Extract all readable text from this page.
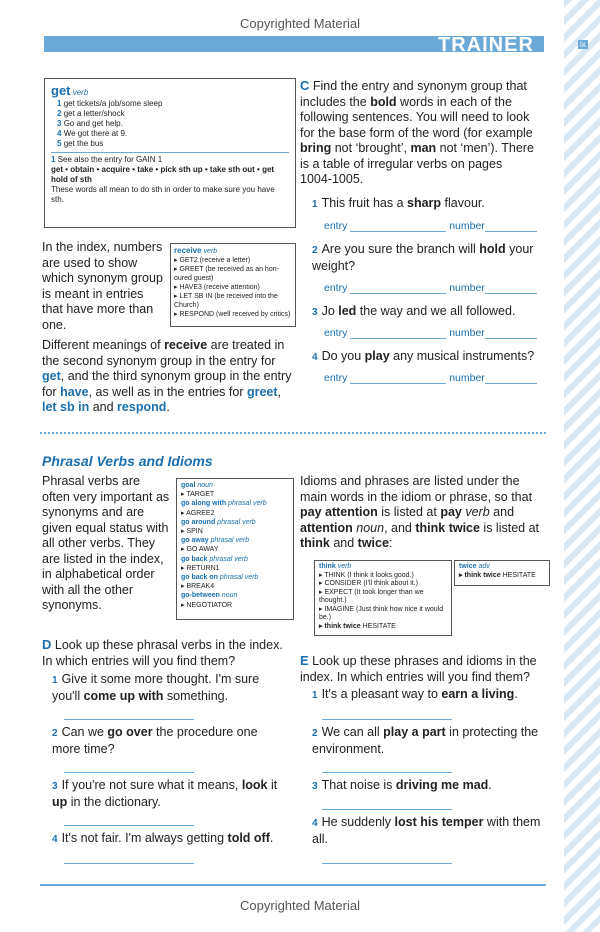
Copyrighted Material
TRAINER	ix
get verb
1 get tickets/a job/some sleep
2 get a letter/shock
3 Go and get help.
4 We got there at 9.
5 get the bus
1 See also the entry for GAIN 1
get • obtain • acquire • take • pick sth up • take sth out • get hold of sth
These words all mean to do sth in order to make sure you have sth.
In the index, numbers are used to show which synonym group is meant in entries that have more than one.
receive verb
▸ GET2 (receive a letter)
▸ GREET (be received as an hon-oured guest)
▸ HAVE3 (receive attention)
▸ LET SB IN (be received into the Church)
▸ RESPOND (well received by critics)
Different meanings of receive are treated in the second synonym group in the entry for get, and the third synonym group in the entry for have, as well as in the entries for greet, let sb in and respond.
C Find the entry and synonym group that includes the bold words in each of the following sentences. You will need to look for the base form of the word (for example bring not ‘brought’, man not ‘men’). There is a table of irregular verbs on pages 1004-1005.
1 This fruit has a sharp flavour.
entry	number
2 Are you sure the branch will hold your weight?
entry	number
3 Jo led the way and we all followed.
entry	number
4 Do you play any musical instruments?
entry	number
Phrasal Verbs and Idioms
Phrasal verbs are often very important as synonyms and are given equal status with all other verbs. They are listed in the index, in alphabetical order with all the other synonyms.
goal noun
▸ TARGET
go along with phrasal verb
▸ AGREE2
go around phrasal verb
▸ SPIN
go away phrasal verb
▸ GO AWAY
go back phrasal verb
▸ RETURN1
go back on phrasal verb
▸ BREAK4
go-between noun
▸ NEGOTIATOR
Idioms and phrases are listed under the main words in the idiom or phrase, so that pay attention is listed at pay verb and attention noun, and think twice is listed at think and twice:
think verb
▸ THINK (I think it looks good.)
▸ CONSIDER (I'll think about it.)
▸ EXPECT (It took longer than we thought.)
▸ IMAGINE (Just think how nice it would be.)
▸ think twice HESITATE
twice adv
▸ think twice HESITATE
D Look up these phrasal verbs in the index. In which entries will you find them?
1 Give it some more thought. I'm sure you'll come up with something.
2 Can we go over the procedure one more time?
3 If you're not sure what it means, look it up in the dictionary.
4 It's not fair. I'm always getting told off.
E Look up these phrases and idioms in the index. In which entries will you find them?
1 It's a pleasant way to earn a living.
2 We can all play a part in protecting the environment.
3 That noise is driving me mad.
4 He suddenly lost his temper with them all.
Copyrighted Material
